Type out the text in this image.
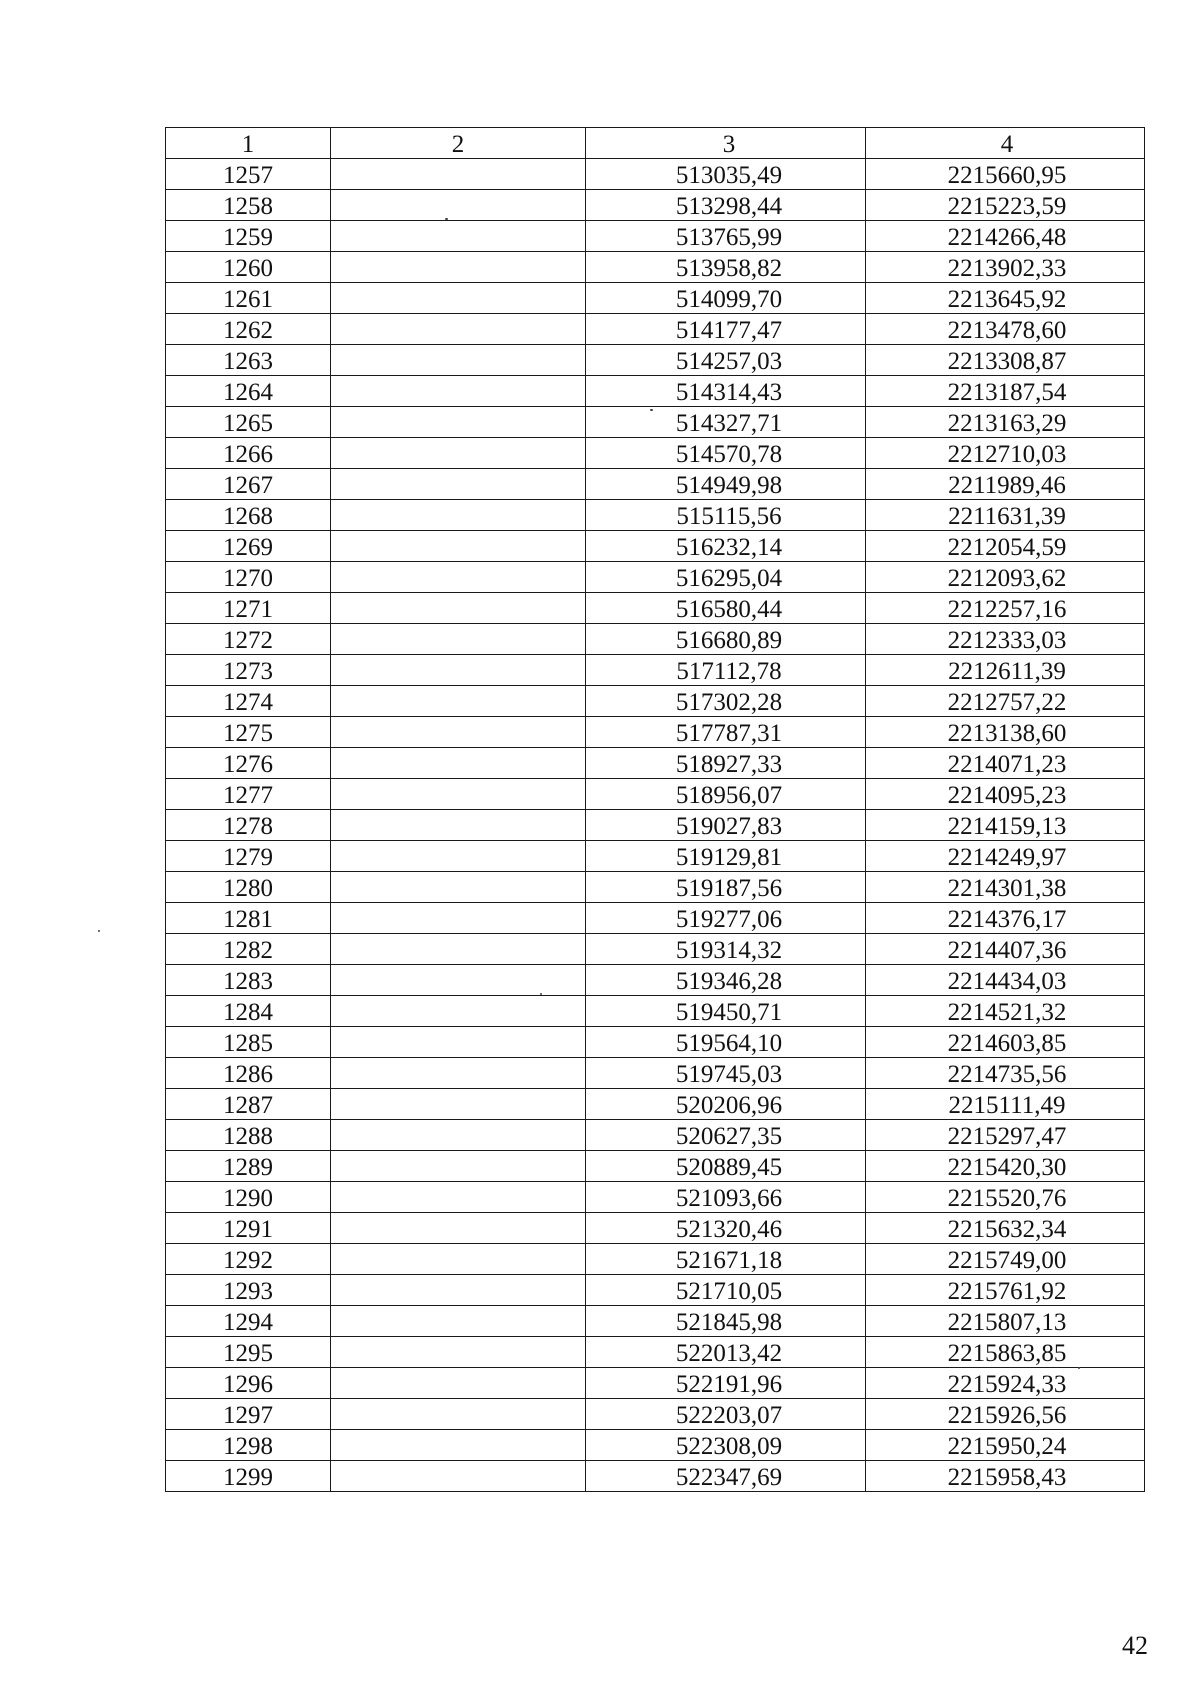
1	2	3	4
1257		513035,49	2215660,95
1258		513298,44	2215223,59
1259		513765,99	2214266,48
1260		513958,82	2213902,33
1261		514099,70	2213645,92
1262		514177,47	2213478,60
1263		514257,03	2213308,87
1264		514314,43	2213187,54
1265		514327,71	2213163,29
1266		514570,78	2212710,03
1267		514949,98	2211989,46
1268		515115,56	2211631,39
1269		516232,14	2212054,59
1270		516295,04	2212093,62
1271		516580,44	2212257,16
1272		516680,89	2212333,03
1273		517112,78	2212611,39
1274		517302,28	2212757,22
1275		517787,31	2213138,60
1276		518927,33	2214071,23
1277		518956,07	2214095,23
1278		519027,83	2214159,13
1279		519129,81	2214249,97
1280		519187,56	2214301,38
1281		519277,06	2214376,17
1282		519314,32	2214407,36
1283		519346,28	2214434,03
1284		519450,71	2214521,32
1285		519564,10	2214603,85
1286		519745,03	2214735,56
1287		520206,96	2215111,49
1288		520627,35	2215297,47
1289		520889,45	2215420,30
1290		521093,66	2215520,76
1291		521320,46	2215632,34
1292		521671,18	2215749,00
1293		521710,05	2215761,92
1294		521845,98	2215807,13
1295		522013,42	2215863,85
1296		522191,96	2215924,33
1297		522203,07	2215926,56
1298		522308,09	2215950,24
1299		522347,69	2215958,43
42
